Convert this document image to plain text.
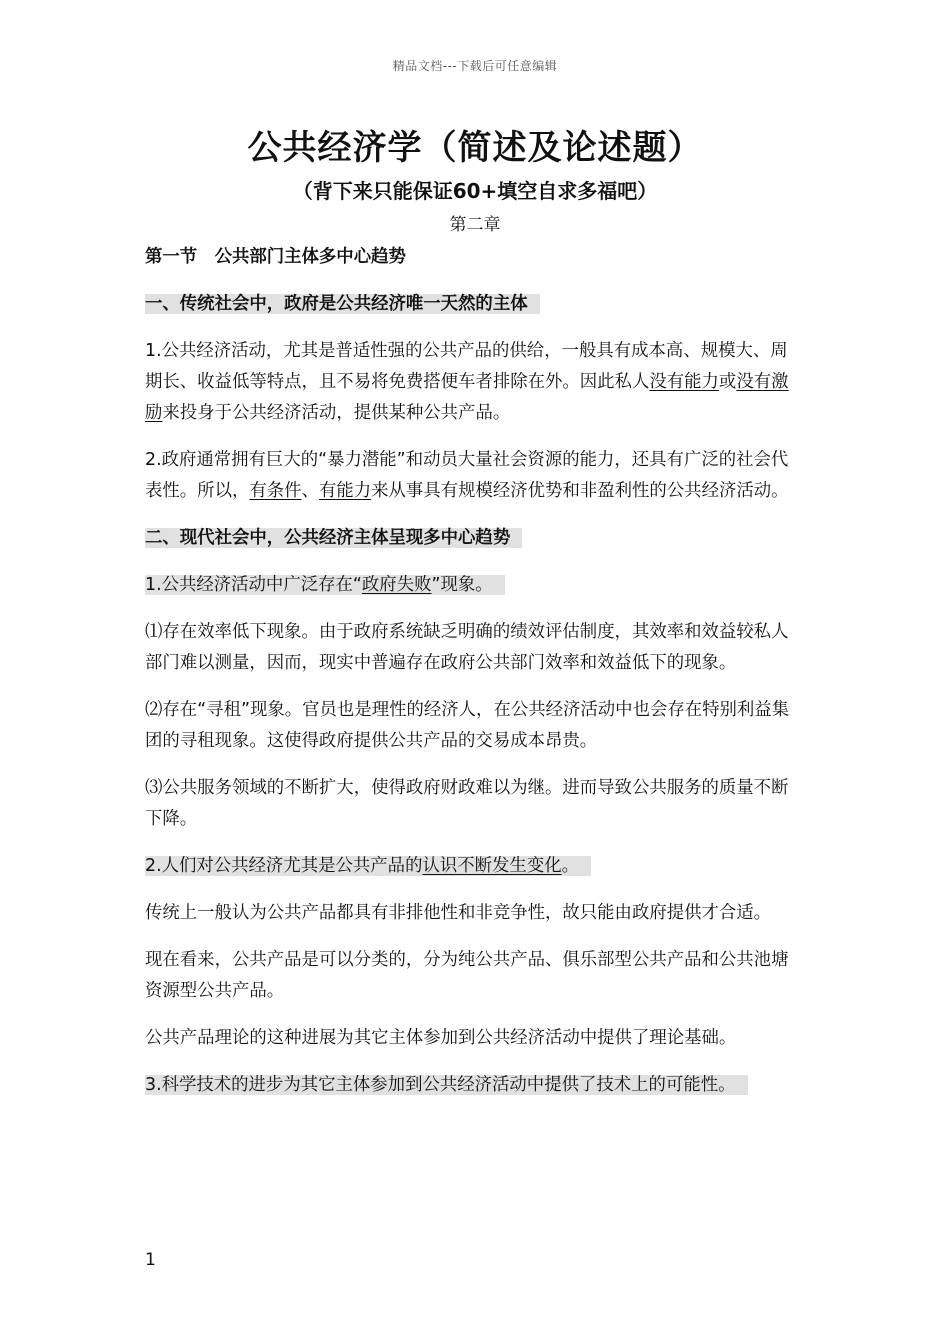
精品文档---下载后可任意编辑
公共经济学（简述及论述题）
（背下来只能保证60+填空自求多福吧）
第二章

第一节　公共部门主体多中心趋势

一、传统社会中，政府是公共经济唯一天然的主体

1.公共经济活动，尤其是普适性强的公共产品的供给，一般具有成本高、规模大、周期长、收益低等特点，且不易将免费搭便车者排除在外。因此私人没有能力或没有激励来投身于公共经济活动，提供某种公共产品。

2.政府通常拥有巨大的“暴力潜能”和动员大量社会资源的能力，还具有广泛的社会代表性。所以，有条件、有能力来从事具有规模经济优势和非盈利性的公共经济活动。

二、现代社会中，公共经济主体呈现多中心趋势

1.公共经济活动中广泛存在“政府失败”现象。

⑴存在效率低下现象。由于政府系统缺乏明确的绩效评估制度，其效率和效益较私人部门难以测量，因而，现实中普遍存在政府公共部门效率和效益低下的现象。

⑵存在“寻租”现象。官员也是理性的经济人，在公共经济活动中也会存在特别利益集团的寻租现象。这使得政府提供公共产品的交易成本昂贵。

⑶公共服务领域的不断扩大，使得政府财政难以为继。进而导致公共服务的质量不断下降。

2.人们对公共经济尤其是公共产品的认识不断发生变化。

传统上一般认为公共产品都具有非排他性和非竞争性，故只能由政府提供才合适。

现在看来，公共产品是可以分类的，分为纯公共产品、俱乐部型公共产品和公共池塘资源型公共产品。

公共产品理论的这种进展为其它主体参加到公共经济活动中提供了理论基础。

3.科学技术的进步为其它主体参加到公共经济活动中提供了技术上的可能性。

1
